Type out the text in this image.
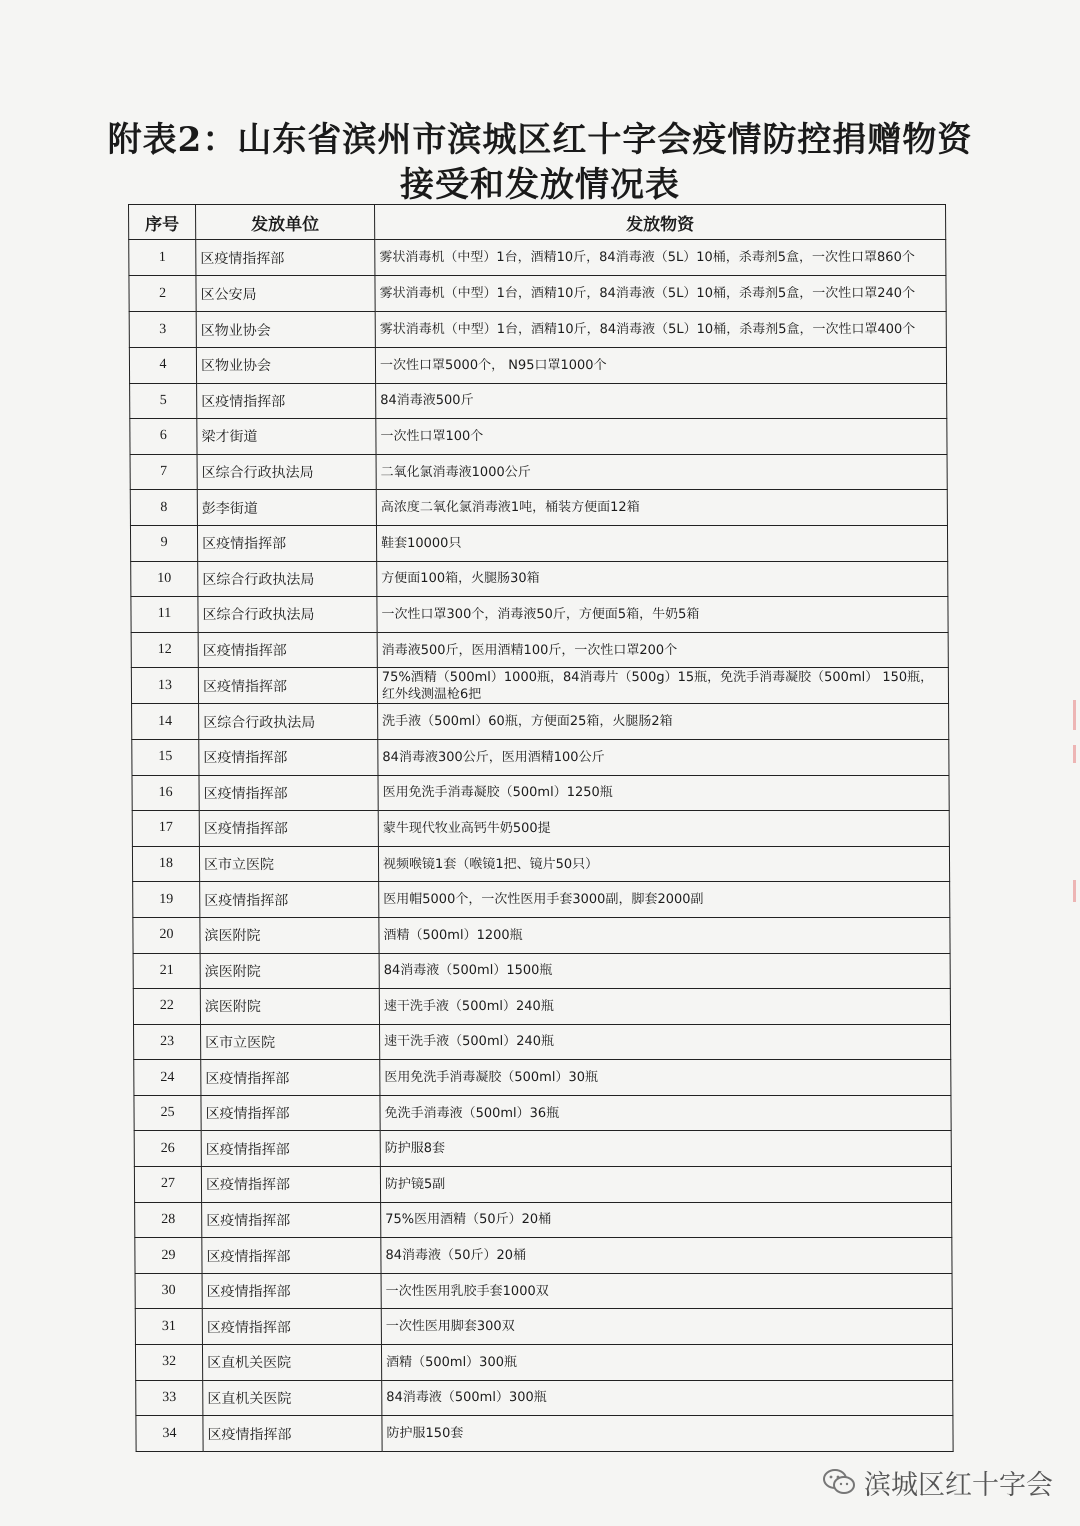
附表2：山东省滨州市滨城区红十字会疫情防控捐赠物资
接受和发放情况表
序号	发放单位	发放物资
1	区疫情指挥部	雾状消毒机（中型）1台，酒精10斤，84消毒液（5L）10桶，杀毒剂5盒，一次性口罩860个
2	区公安局	雾状消毒机（中型）1台，酒精10斤，84消毒液（5L）10桶，杀毒剂5盒，一次性口罩240个
3	区物业协会	雾状消毒机（中型）1台，酒精10斤，84消毒液（5L）10桶，杀毒剂5盒，一次性口罩400个
4	区物业协会	一次性口罩5000个， N95口罩1000个
5	区疫情指挥部	84消毒液500斤
6	梁才街道	一次性口罩100个
7	区综合行政执法局	二氧化氯消毒液1000公斤
8	彭李街道	高浓度二氧化氯消毒液1吨，桶装方便面12箱
9	区疫情指挥部	鞋套10000只
10	区综合行政执法局	方便面100箱，火腿肠30箱
11	区综合行政执法局	一次性口罩300个，消毒液50斤，方便面5箱，牛奶5箱
12	区疫情指挥部	消毒液500斤，医用酒精100斤，一次性口罩200个
13	区疫情指挥部	75%酒精（500ml）1000瓶，84消毒片（500g）15瓶，免洗手消毒凝胶（500ml） 150瓶，红外线测温枪6把
14	区综合行政执法局	洗手液（500ml）60瓶，方便面25箱，火腿肠2箱
15	区疫情指挥部	84消毒液300公斤，医用酒精100公斤
16	区疫情指挥部	医用免洗手消毒凝胶（500ml）1250瓶
17	区疫情指挥部	蒙牛现代牧业高钙牛奶500提
18	区市立医院	视频喉镜1套（喉镜1把、镜片50只）
19	区疫情指挥部	医用帽5000个，一次性医用手套3000副，脚套2000副
20	滨医附院	酒精（500ml）1200瓶
21	滨医附院	84消毒液（500ml）1500瓶
22	滨医附院	速干洗手液（500ml）240瓶
23	区市立医院	速干洗手液（500ml）240瓶
24	区疫情指挥部	医用免洗手消毒凝胶（500ml）30瓶
25	区疫情指挥部	免洗手消毒液（500ml）36瓶
26	区疫情指挥部	防护服8套
27	区疫情指挥部	防护镜5副
28	区疫情指挥部	75%医用酒精（50斤）20桶
29	区疫情指挥部	84消毒液（50斤）20桶
30	区疫情指挥部	一次性医用乳胶手套1000双
31	区疫情指挥部	一次性医用脚套300双
32	区直机关医院	酒精（500ml）300瓶
33	区直机关医院	84消毒液（500ml）300瓶
34	区疫情指挥部	防护服150套
滨城区红十字会
